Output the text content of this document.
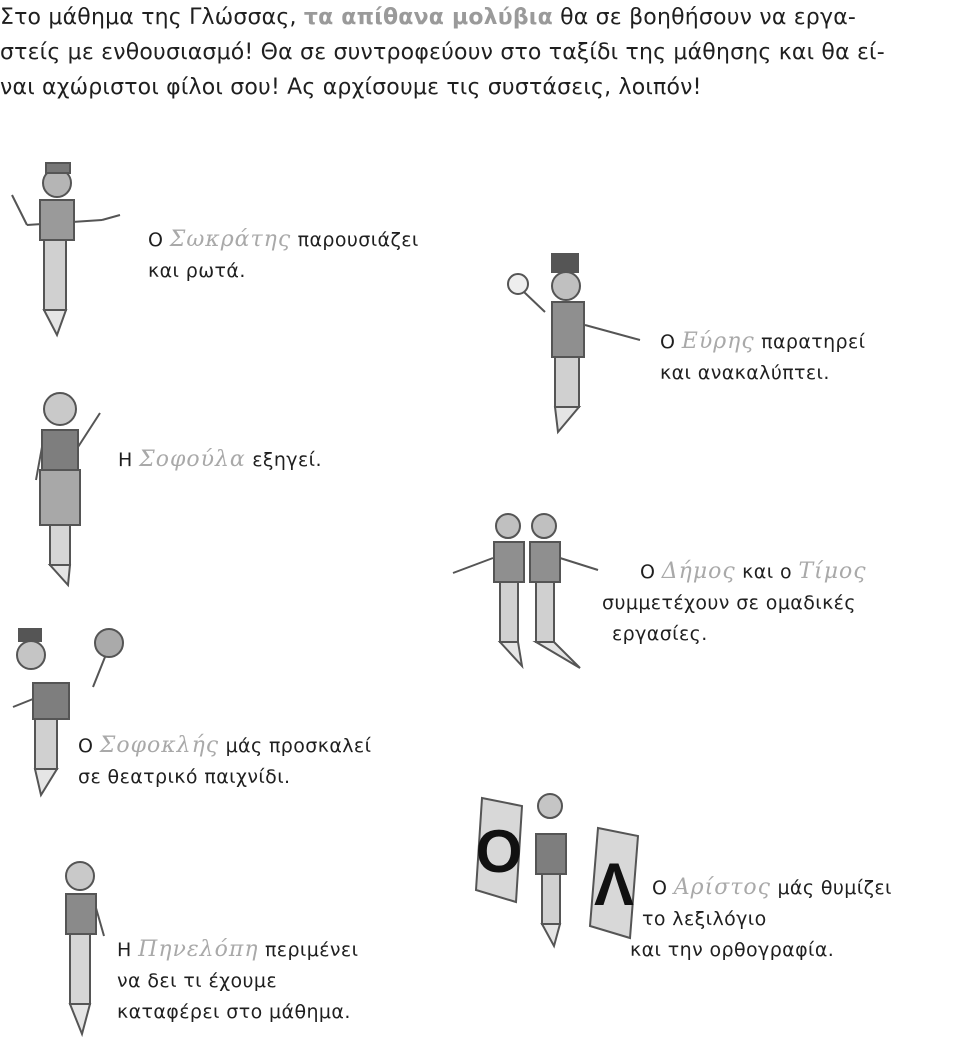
Στο μάθημα της Γλώσσας, τα απίθανα μολύβια θα σε βοηθήσουν να εργα-
στείς με ενθουσιασμό! Θα σε συντροφεύουν στο ταξίδι της μάθησης και θα εί-
ναι αχώριστοι φίλοι σου! Ας αρχίσουμε τις συστάσεις, λοιπόν!
Ο Σωκράτης παρουσιάζει
και ρωτά.
Ο Εύρης παρατηρεί
και ανακαλύπτει.
Η Σοφούλα εξηγεί.
Ο Δήμος και ο Τίμος
συμμετέχουν σε ομαδικές
εργασίες.
Ο Σοφοκλής μάς προσκαλεί
σε θεατρικό παιχνίδι.
Ο Λ Ο Αρίστος μάς θυμίζει
το λεξιλόγιο
και την ορθογραφία.
Η Πηνελόπη περιμένει
να δει τι έχουμε
καταφέρει στο μάθημα.
